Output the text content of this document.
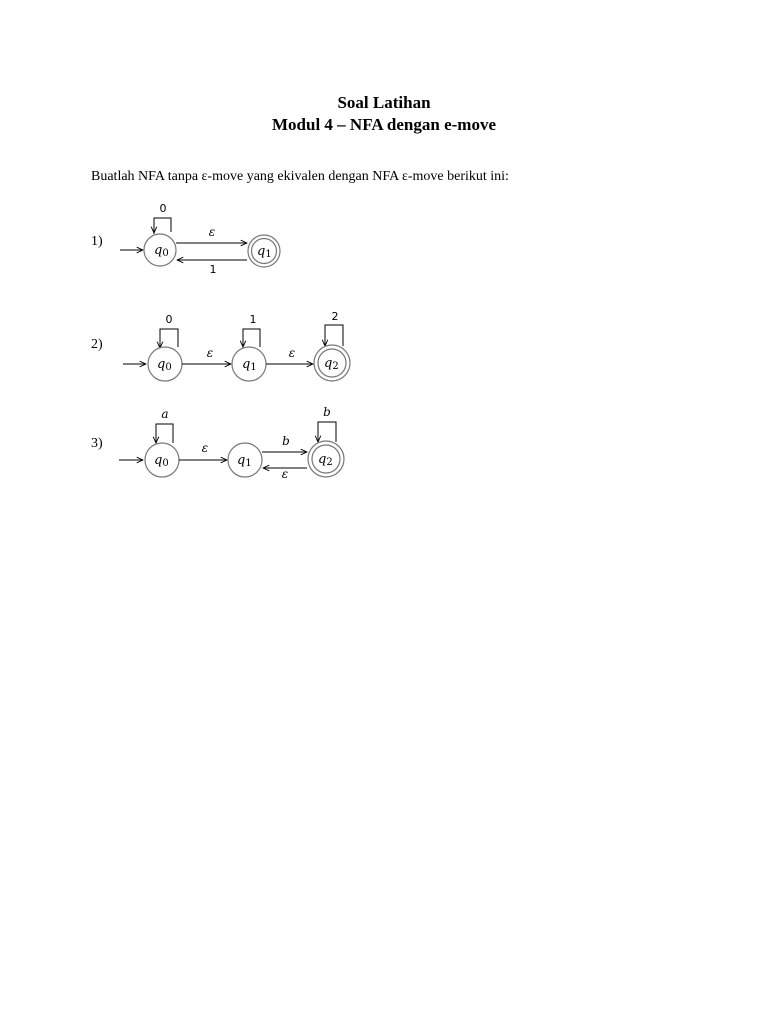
Soal Latihan
Modul 4 – NFA dengan e-move
Buatlah NFA tanpa ε-move yang ekivalen dengan NFA ε-move berikut ini:
1)
2)
3)
0
q0
ε
1
q1
0
q0
ε
1
q1
ε
2
q2
a
q0
ε
q1
b
ε
b
q2
